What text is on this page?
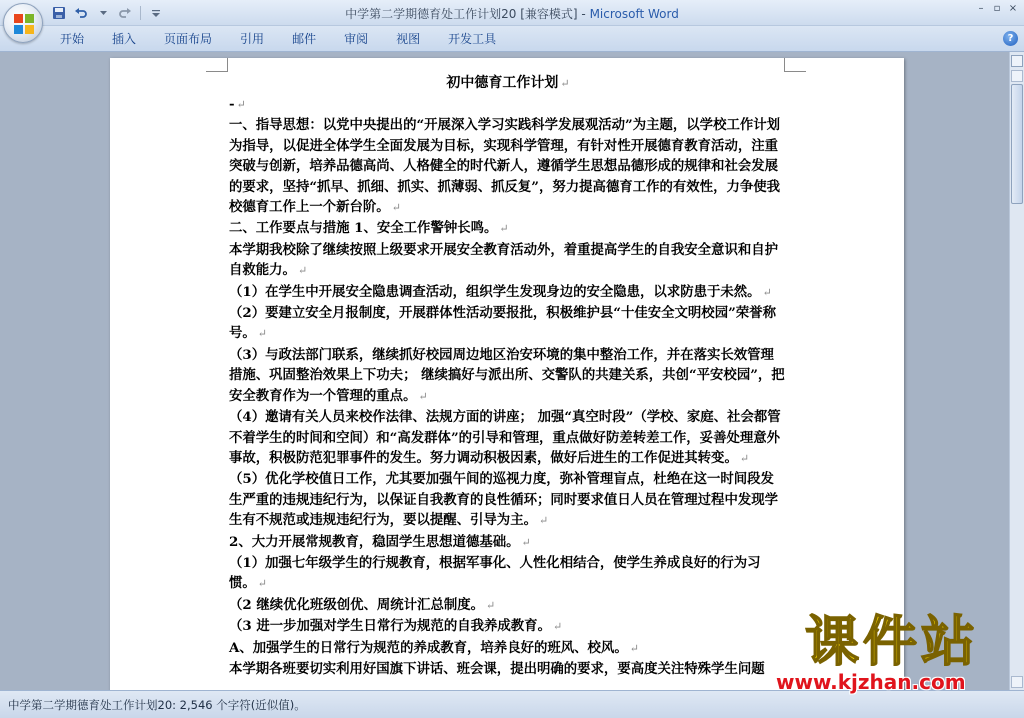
中学第二学期德育处工作计划20 [兼容模式] - Microsoft Word	–	▫ ×
开始	插入	页面布局	引用	邮件	审阅	视图	开发工具	?
初中德育工作计划 ↵

- ↵

一、指导思想：以党中央提出的“开展深入学习实践科学发展观活动”为主题，以学校工作计划为指导，以促进全体学生全面发展为目标，实现科学管理，有针对性开展德育教育活动，注重突破与创新，培养品德高尚、人格健全的时代新人，遵循学生思想品德形成的规律和社会发展的要求，坚持“抓早、抓细、抓实、抓薄弱、抓反复”，努力提高德育工作的有效性，力争使我校德育工作上一个新台阶。 ↵

二、工作要点与措施 1、安全工作警钟长鸣。 ↵

本学期我校除了继续按照上级要求开展安全教育活动外，着重提高学生的自我安全意识和自护自救能力。 ↵

（1）在学生中开展安全隐患调查活动，组织学生发现身边的安全隐患，以求防患于未然。 ↵

（2）要建立安全月报制度，开展群体性活动要报批，积极维护县“十佳安全文明校园”荣誉称号。 ↵

（3）与政法部门联系，继续抓好校园周边地区治安环境的集中整治工作，并在落实长效管理措施、巩固整治效果上下功夫； 继续搞好与派出所、交警队的共建关系，共创“平安校园”，把安全教育作为一个管理的重点。 ↵

（4）邀请有关人员来校作法律、法规方面的讲座； 加强“真空时段”（学校、家庭、社会都管不着学生的时间和空间）和“高发群体”的引导和管理，重点做好防差转差工作，妥善处理意外事故，积极防范犯罪事件的发生。努力调动积极因素，做好后进生的工作促进其转变。 ↵

（5）优化学校值日工作，尤其要加强午间的巡视力度，弥补管理盲点，杜绝在这一时间段发生严重的违规违纪行为，以保证自我教育的良性循环；同时要求值日人员在管理过程中发现学生有不规范或违规违纪行为，要以提醒、引导为主。 ↵

2、大力开展常规教育，稳固学生思想道德基础。 ↵

（1）加强七年级学生的行规教育，根据军事化、人性化相结合，使学生养成良好的行为习惯。 ↵

（2 继续优化班级创优、周统计汇总制度。 ↵

（3 进一步加强对学生日常行为规范的自我养成教育。 ↵

A、加强学生的日常行为规范的养成教育，培养良好的班风、校风。 ↵

本学期各班要切实利用好国旗下讲话、班会课，提出明确的要求，要高度关注特殊学生问题

中学第二学期德育处工作计划20: 2,546 个字符(近似值)。
课件站
www.kjzhan.com
